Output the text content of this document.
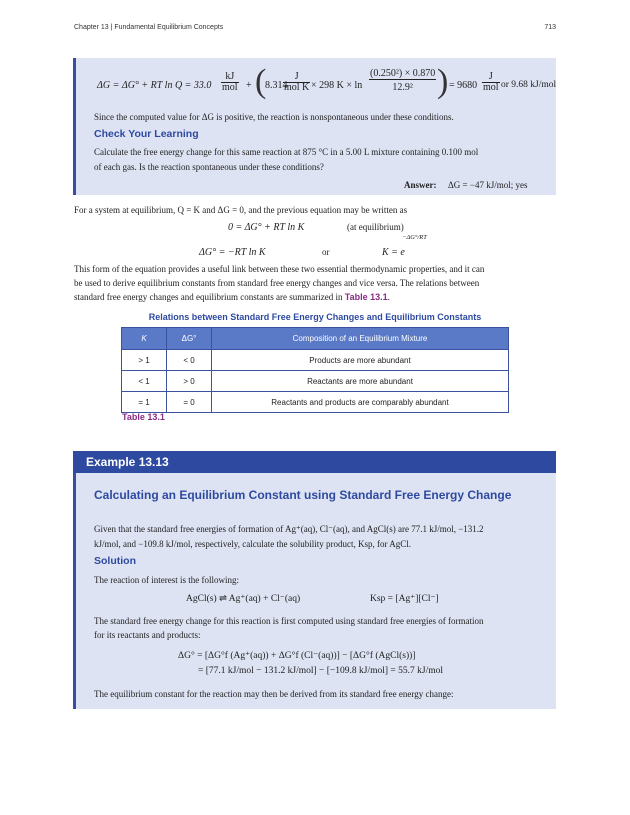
Chapter 13 | Fundamental Equilibrium Concepts	713
ΔG = ΔG° + RT $\ln Q = 33.0 \frac{kJ}{\text{mol}}$ + (
8.314
$\frac{J}{\text{mol K}} \times 298$ $K \times \ln \frac{\text{(0.250²) × 0.870}}{\text{12.9²}}$ ) = $9680 \frac{J}{\text{mol}}$ or 9.68 kJ/mol
Since the computed value for ΔG is positive, the reaction is nonspontaneous under these conditions.
Check Your Learning
Calculate the free energy change for this same reaction at 875 °C in a 5.00 L mixture containing 0.100 mol
of each gas. Is the reaction spontaneous under these conditions?
Answer: ΔG = −47 kJ/mol; yes
For a system at equilibrium, Q = K and ΔG = 0, and the previous equation may be written as
0 = ΔG° + RT ln K	(at equilibrium)
ΔG° = −RT ln K	or	K = e
−ΔG°/RT
This form of the equation provides a useful link between these two essential thermodynamic properties, and it can
be used to derive equilibrium constants from standard free energy changes and vice versa. The relations between
standard free energy changes and equilibrium constants are summarized in Table 13.1.
Relations between Standard Free Energy Changes and Equilibrium Constants
K	ΔG°	Composition of an Equilibrium Mixture
> 1	< 0	Products are more abundant
< 1	> 0	Reactants are more abundant
= 1	= 0	Reactants and products are comparably abundant
Table 13.1
Example 13.13
Calculating an Equilibrium Constant using Standard Free Energy Change
Given that the standard free energies of formation of Ag⁺(aq), Cl⁻(aq), and AgCl(s) are 77.1 kJ/mol, −131.2
kJ/mol, and −109.8 kJ/mol, respectively, calculate the solubility product, Ksp, for AgCl.
Solution
The reaction of interest is the following:
AgCl(s) ⇌ Ag⁺(aq) + Cl⁻(aq)	Ksp = [Ag⁺][Cl⁻]
The standard free energy change for this reaction is first computed using standard free energies of formation
for its reactants and products:
ΔG° = [ΔG°f (Ag⁺(aq)) + ΔG°f (Cl⁻(aq))] − [ΔG°f (AgCl(s))]
= [77.1 kJ/mol − 131.2 kJ/mol] − [−109.8 kJ/mol] = 55.7 kJ/mol
The equilibrium constant for the reaction may then be derived from its standard free energy change:
